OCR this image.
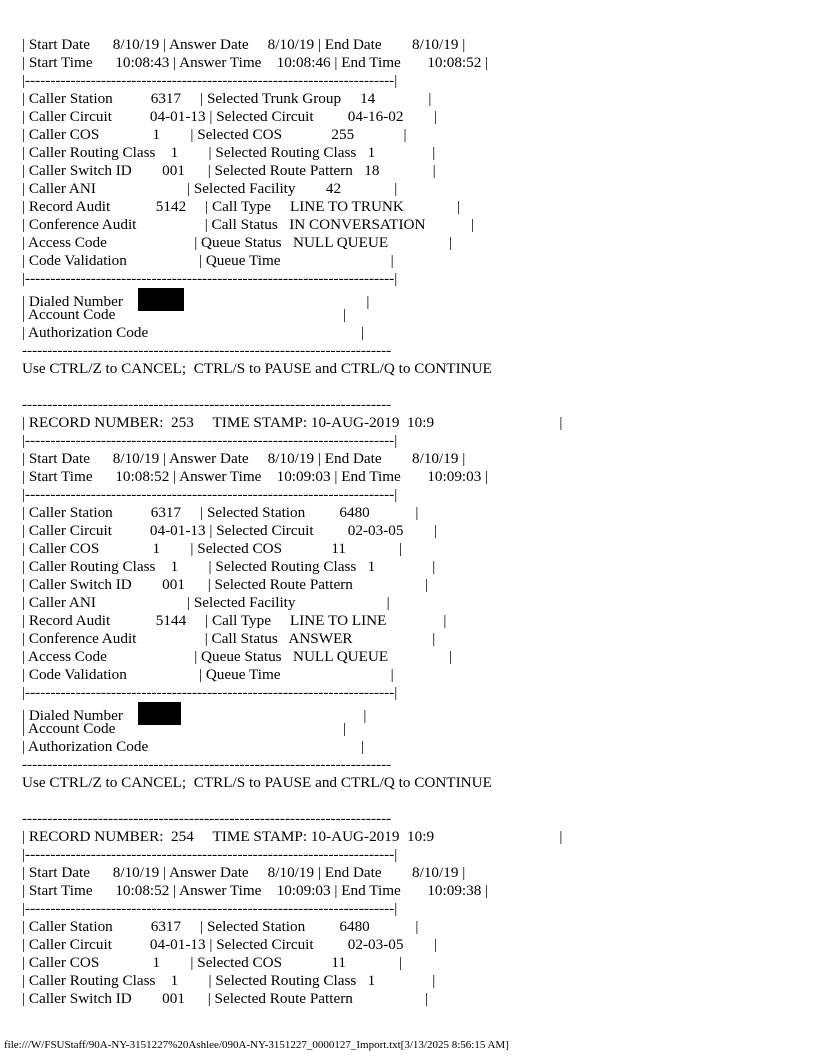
| Start Date      8/10/19 | Answer Date     8/10/19 | End Date        8/10/19 |
| Start Time      10:08:43 | Answer Time    10:08:46 | End Time       10:08:52 |
|-------------------------------------------------------------------------|
| Caller Station          6317     | Selected Trunk Group     14              |
| Caller Circuit          04-01-13 | Selected Circuit         04-16-02        |
| Caller COS              1        | Selected COS             255             |
| Caller Routing Class    1        | Selected Routing Class   1               |
| Caller Switch ID        001      | Selected Route Pattern   18              |
| Caller ANI                        | Selected Facility        42              |
| Record Audit            5142     | Call Type     LINE TO TRUNK              |
| Conference Audit                  | Call Status   IN CONVERSATION            |
| Access Code                       | Queue Status   NULL QUEUE                |
| Code Validation                   | Queue Time                             |
|-------------------------------------------------------------------------|
| Dialed Number	|
| Account Code                                                            |
| Authorization Code                                                        |
-------------------------------------------------------------------------
Use CTRL/Z to CANCEL;  CTRL/S to PAUSE and CTRL/Q to CONTINUE
-------------------------------------------------------------------------
| RECORD NUMBER:  253     TIME STAMP: 10-AUG-2019  10:9                                 |
|-------------------------------------------------------------------------|
| Start Date      8/10/19 | Answer Date     8/10/19 | End Date        8/10/19 |
| Start Time      10:08:52 | Answer Time    10:09:03 | End Time       10:09:03 |
|-------------------------------------------------------------------------|
| Caller Station          6317     | Selected Station         6480            |
| Caller Circuit          04-01-13 | Selected Circuit         02-03-05        |
| Caller COS              1        | Selected COS             11              |
| Caller Routing Class    1        | Selected Routing Class   1               |
| Caller Switch ID        001      | Selected Route Pattern                   |
| Caller ANI                        | Selected Facility                        |
| Record Audit            5144     | Call Type     LINE TO LINE               |
| Conference Audit                  | Call Status   ANSWER                     |
| Access Code                       | Queue Status   NULL QUEUE                |
| Code Validation                   | Queue Time                             |
|-------------------------------------------------------------------------|
| Dialed Number	|
| Account Code                                                            |
| Authorization Code                                                        |
-------------------------------------------------------------------------
Use CTRL/Z to CANCEL;  CTRL/S to PAUSE and CTRL/Q to CONTINUE
-------------------------------------------------------------------------
| RECORD NUMBER:  254     TIME STAMP: 10-AUG-2019  10:9                                 |
|-------------------------------------------------------------------------|
| Start Date      8/10/19 | Answer Date     8/10/19 | End Date        8/10/19 |
| Start Time      10:08:52 | Answer Time    10:09:03 | End Time       10:09:38 |
|-------------------------------------------------------------------------|
| Caller Station          6317     | Selected Station         6480            |
| Caller Circuit          04-01-13 | Selected Circuit         02-03-05        |
| Caller COS              1        | Selected COS             11              |
| Caller Routing Class    1        | Selected Routing Class   1               |
| Caller Switch ID        001      | Selected Route Pattern                   |
file:///W/FSUStaff/90A-NY-3151227%20Ashlee/090A-NY-3151227_0000127_Import.txt[3/13/2025 8:56:15 AM]
